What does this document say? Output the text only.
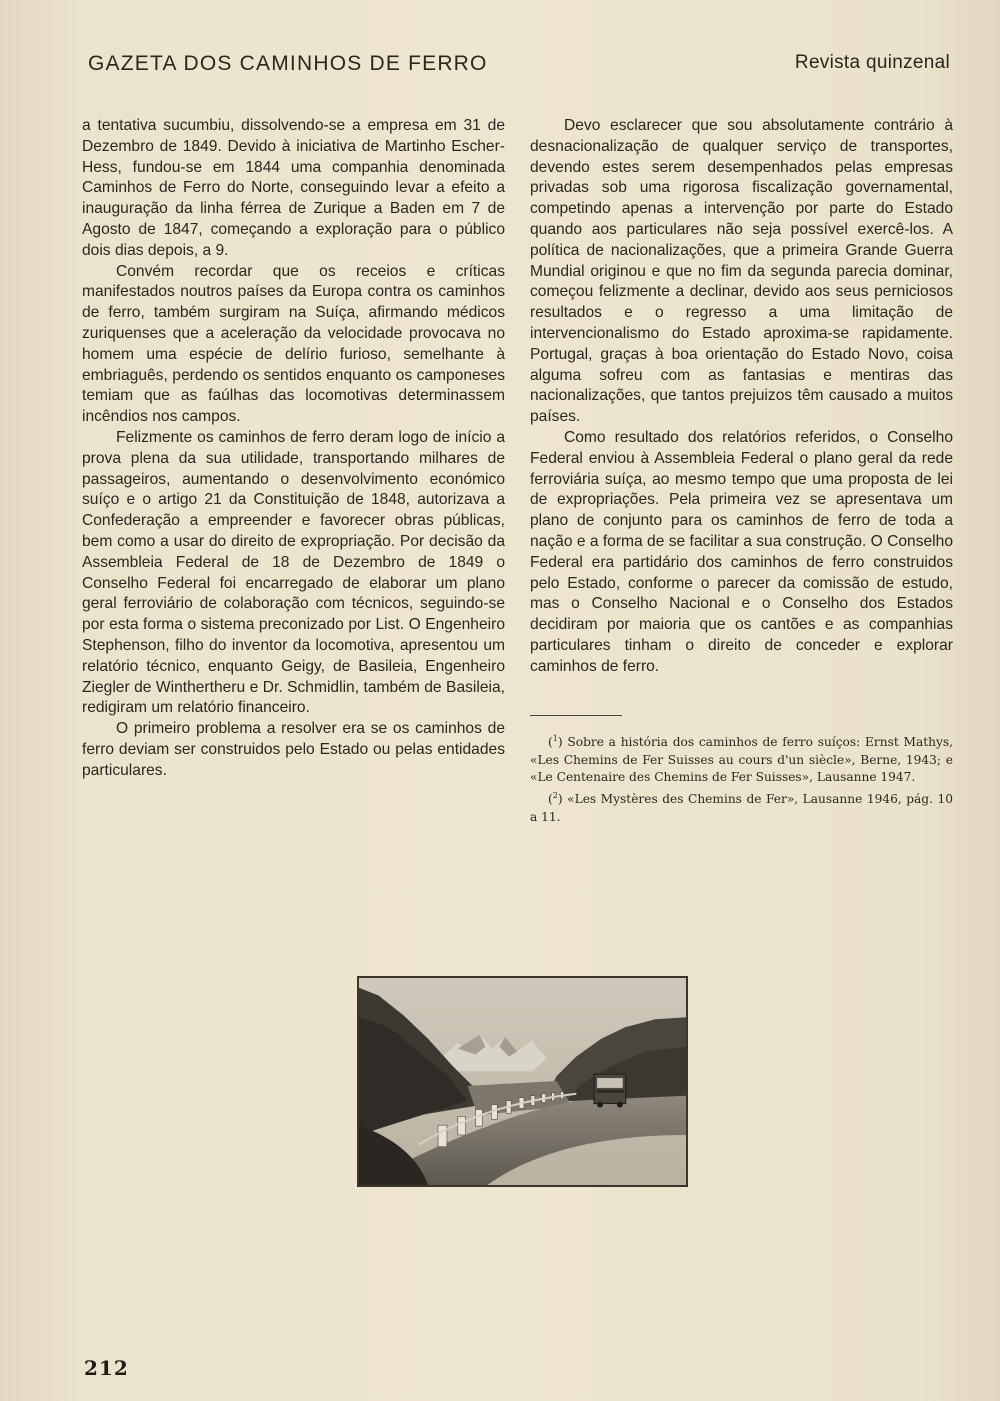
GAZETA DOS CAMINHOS DE FERRO	Revista quinzenal

a tentativa sucumbiu, dissolvendo-se a empresa em 31 de Dezembro de 1849. Devido à iniciativa de Martinho Escher-Hess, fundou-se em 1844 uma companhia denominada Caminhos de Ferro do Norte, conseguindo levar a efeito a inauguração da linha férrea de Zurique a Baden em 7 de Agosto de 1847, começando a exploração para o público dois dias depois, a 9.

Convém recordar que os receios e críticas manifestados noutros países da Europa contra os caminhos de ferro, também surgiram na Suíça, afirmando médicos zuriquenses que a aceleração da velocidade provocava no homem uma espécie de delírio furioso, semelhante à embriaguês, perdendo os sentidos enquanto os camponeses temiam que as faúlhas das locomotivas determinassem incêndios nos campos.

Felizmente os caminhos de ferro deram logo de início a prova plena da sua utilidade, transportando milhares de passageiros, aumentando o desenvolvimento económico suíço e o artigo 21 da Constituição de 1848, autorizava a Confederação a empreender e favorecer obras públicas, bem como a usar do direito de expropriação. Por decisão da Assembleia Federal de 18 de Dezembro de 1849 o Conselho Federal foi encarregado de elaborar um plano geral ferroviário de colaboração com técnicos, seguindo-se por esta forma o sistema preconizado por List. O Engenheiro Stephenson, filho do inventor da locomotiva, apresentou um relatório técnico, enquanto Geigy, de Basileia, Engenheiro Ziegler de Winthertheru e Dr. Schmidlin, também de Basileia, redigiram um relatório financeiro.

O primeiro problema a resolver era se os caminhos de ferro deviam ser construidos pelo Estado ou pelas entidades particulares.

Devo esclarecer que sou absolutamente contrário à desnacionalização de qualquer serviço de transportes, devendo estes serem desempenhados pelas empresas privadas sob uma rigorosa fiscalização governamental, competindo apenas a intervenção por parte do Estado quando aos particulares não seja possível exercê-los. A política de nacionalizações, que a primeira Grande Guerra Mundial originou e que no fim da segunda parecia dominar, começou felizmente a declinar, devido aos seus perniciosos resultados e o regresso a uma limitação de intervencionalismo do Estado aproxima-se rapidamente. Portugal, graças à boa orientação do Estado Novo, coisa alguma sofreu com as fantasias e mentiras das nacionalizações, que tantos prejuizos têm causado a muitos países.

Como resultado dos relatórios referidos, o Conselho Federal enviou à Assembleia Federal o plano geral da rede ferroviária suíça, ao mesmo tempo que uma proposta de lei de expropriações. Pela primeira vez se apresentava um plano de conjunto para os caminhos de ferro de toda a nação e a forma de se facilitar a sua construção. O Conselho Federal era partidário dos caminhos de ferro construidos pelo Estado, conforme o parecer da comissão de estudo, mas o Conselho Nacional e o Conselho dos Estados decidiram por maioria que os cantões e as companhias particulares tinham o direito de conceder e explorar caminhos de ferro.

($^1$) Sobre a história dos caminhos de ferro suíços: Ernst Mathys, «Les Chemins de Fer Suisses au cours d'un siècle», Berne, 1943; e «Le Centenaire des Chemins de Fer Suisses», Lausanne 1947.

($^2$) «Les Mystères des Chemins de Fer», Lausanne 1946, pág. 10 a 11.

212
